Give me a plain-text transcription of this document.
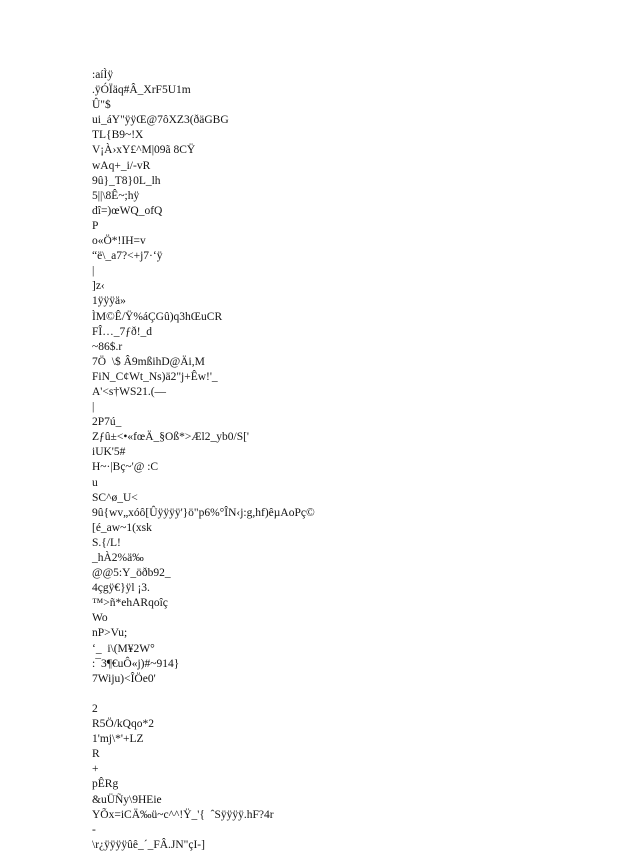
:aíÌÿ
.ÿÓÏäq#Â_XrF5U1m
Û"$
ui_áY"ÿÿŒ@7ôXZ3(ðäGBG
TL{B9~!X
V¡À›xY£^M|09ã 8CŸ
wAq+_i/-vR
9û}_T8}0L_lh
5||\8Ê~;hÿ
dî=)œWQ_ofQ
P
o«Ö*!IH=v
“ë\_a7?<+j7·‘ÿ
|
]z‹
1ÿÿÿä»
ÌM©Ê/Ÿ%áÇGû)q3hŒuCR
FÎ…_7ƒð!_d
~86$.r
7Ö  \$ Â9mßihD@Äi,M
FiN_C¢Wt_Ns)ä2"j+Êw!'_
A'<s†WS21.(—
|
2P7ú_
Zƒû±<•«fœÄ_§Oß*>Æl2_yb0/S['
iUK'5#
H~·|Bç~'@ :C
u
SC^ø_U<
9û{wv„xóô[Ûÿÿÿÿ'}ö"p6%°ÎN‹j:g,hf)êµAoPç©
[é_aw~1(xsk
S.{/L!
_hÀ2%ä‰
@@5:Y_öðb92_
4çgÿ€}ÿl ¡3.
™>ñ*ehARqoîç
Wo
nP>Vu;
‘_  i\(M¥2W°
:¯3¶€uÔ«j)#~914}
7Wiju)<ÎÖe0'
2
R5Ö/kQqo*2
1'mj\*'+LZ
R
+
pÊRg
&uÜÑy\9HEie
YÕx=iCÄ‰ü~c^^!Ÿ_'{  ˆSÿÿÿÿ.hF?4r
-
\r¿ÿÿÿÿûê_´_FÂ.JN"çI-]
